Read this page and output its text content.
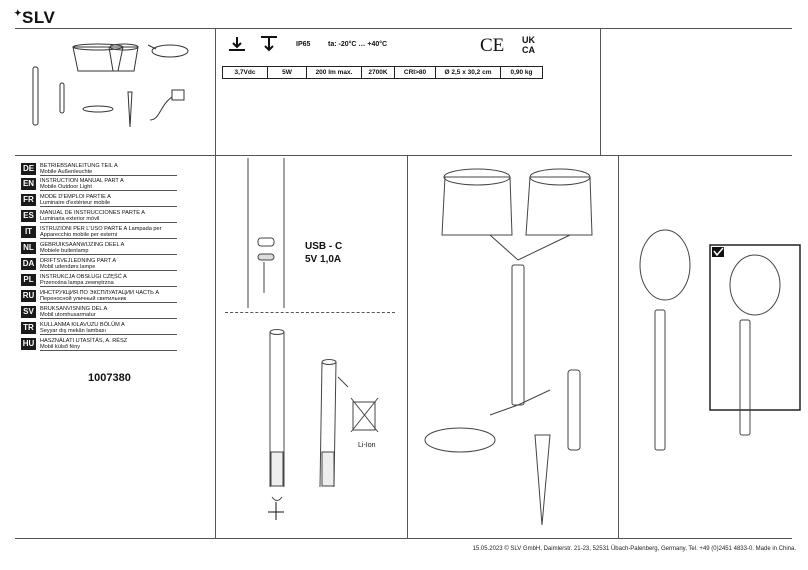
✦SLV
IP65	ta: -20°C … +40°C	CE UK
CA
3,7Vdc	5W	200 lm max.	2700K	CRI>80	Ø 2,5 x 30,2 cm	0,90 kg
DE	BETRIEBSANLEITUNG TEIL A
Mobile Außenleuchte
EN	INSTRUCTION MANUAL PART A
Mobile Outdoor Light
FR	MODE D'EMPLOI PARTIE A
Luminaire d'extérieur mobile
ES	MANUAL DE INSTRUCCIONES PARTE A
Luminaria exterior móvil
IT	ISTRUZIONI PER L'USO PARTE A Lampada per
Apparecchio mobile per esterni
NL	GEBRUIKSAANWIJZING DEEL A
Mobiele buitenlamp
DA	DRIFTSVEJLEDNING PART A
Mobil udendørs lampe
PL	INSTRUKCJA OBSŁUGI CZĘŚĆ A
Przenośna lampa zewnętrzna
RU	ИНСТРУКЦИЯ ПО ЭКСПЛУАТАЦИИ ЧАСТЬ А
Переносной уличный светильник
SV	BRUKSANVISNING DEL A
Mobil utomhusarmatur
TR	KULLANMA KILAVUZU BÖLÜM A
Seyyar dış mekân lambası
HU	HASZNÁLATI UTASÍTÁS, A. RÉSZ
Mobil külső fény
1007380
USB - C
5V 1,0A
Li-Ion
15.05.2023 © SLV GmbH, Daimlerstr. 21-23, 52531 Übach-Palenberg, Germany, Tel. +49 (0)2451 4833-0. Made in China.
